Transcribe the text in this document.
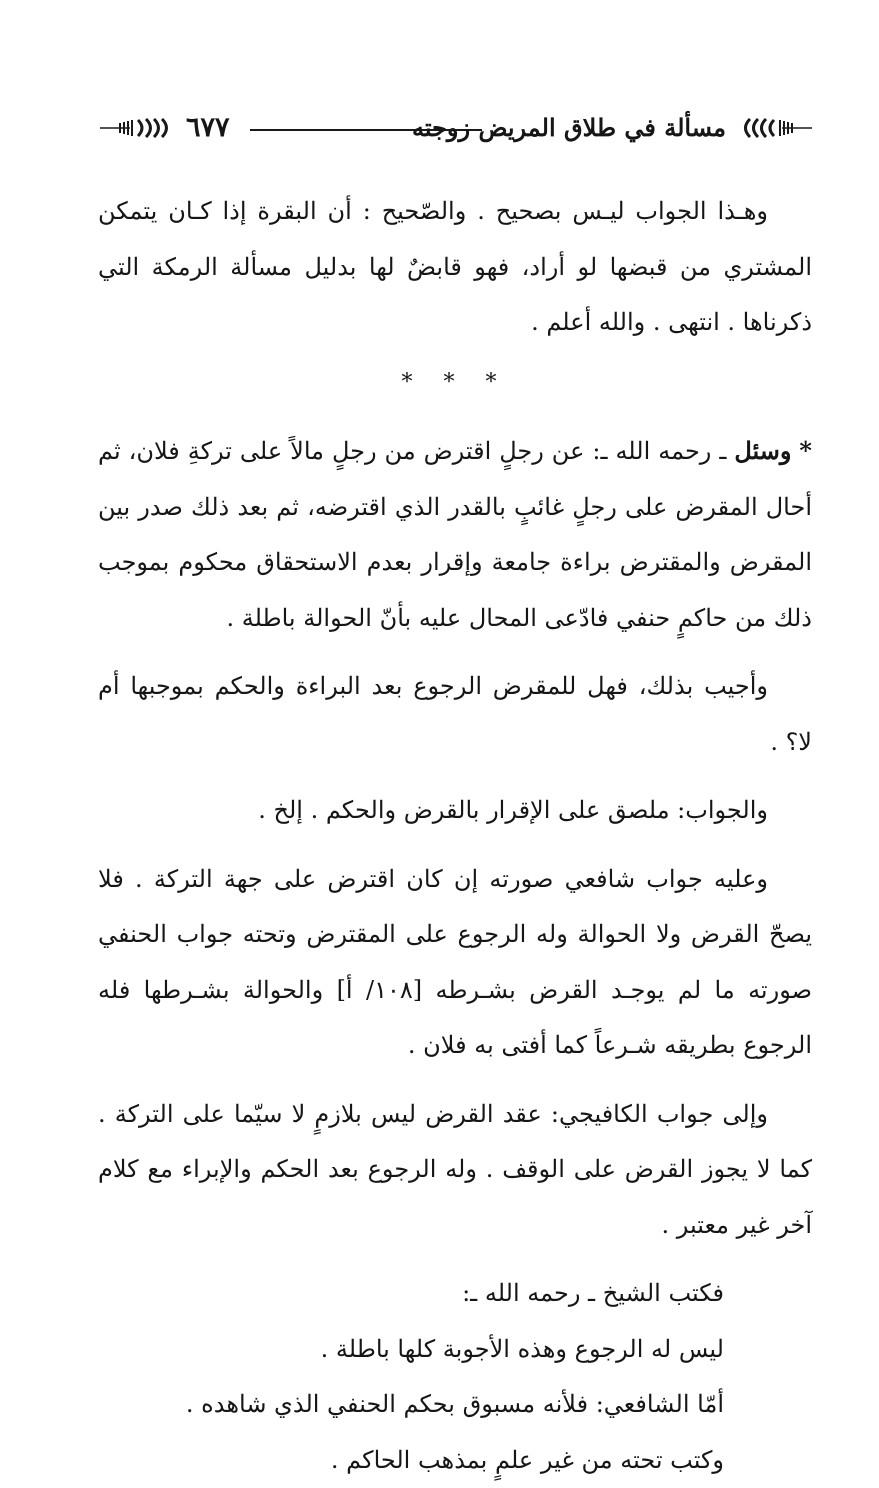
٦٧٧	مسألة في طلاق المريض زوجته

وهـذا الجواب ليـس بصحيح . والصّحيح : أن البقرة إذا كـان يتمكن المشتري من قبضها لو أراد، فهو قابضٌ لها بدليل مسألة الرمكة التي ذكرناها . انتهى . والله أعلم .

* * *

* وسئل ـ رحمه الله ـ: عن رجلٍ اقترض من رجلٍ مالاً على تركةِ فلان، ثم أحال المقرض على رجلٍ غائبٍ بالقدر الذي اقترضه، ثم بعد ذلك صدر بين المقرض والمقترض براءة جامعة وإقرار بعدم الاستحقاق محكوم بموجب ذلك من حاكمٍ حنفي فادّعى المحال عليه بأنّ الحوالة باطلة .

وأجيب بذلك، فهل للمقرض الرجوع بعد البراءة والحكم بموجبها أم لا؟ .

والجواب: ملصق على الإقرار بالقرض والحكم . إلخ .

وعليه جواب شافعي صورته إن كان اقترض على جهة التركة . فلا يصحّ القرض ولا الحوالة وله الرجوع على المقترض وتحته جواب الحنفي صورته ما لم يوجـد القرض بشـرطه [١٠٨/ أ] والحوالة بشـرطها فله الرجوع بطريقه شـرعاً كما أفتى به فلان .

وإلى جواب الكافيجي: عقد القرض ليس بلازمٍ لا سيّما على التركة . كما لا يجوز القرض على الوقف . وله الرجوع بعد الحكم والإبراء مع كلام آخر غير معتبر .

فكتب الشيخ ـ رحمه الله ـ:

ليس له الرجوع وهذه الأجوبة كلها باطلة .

أمّا الشافعي: فلأنه مسبوق بحكم الحنفي الذي شاهده .

وكتب تحته من غير علمٍ بمذهب الحاكم .
